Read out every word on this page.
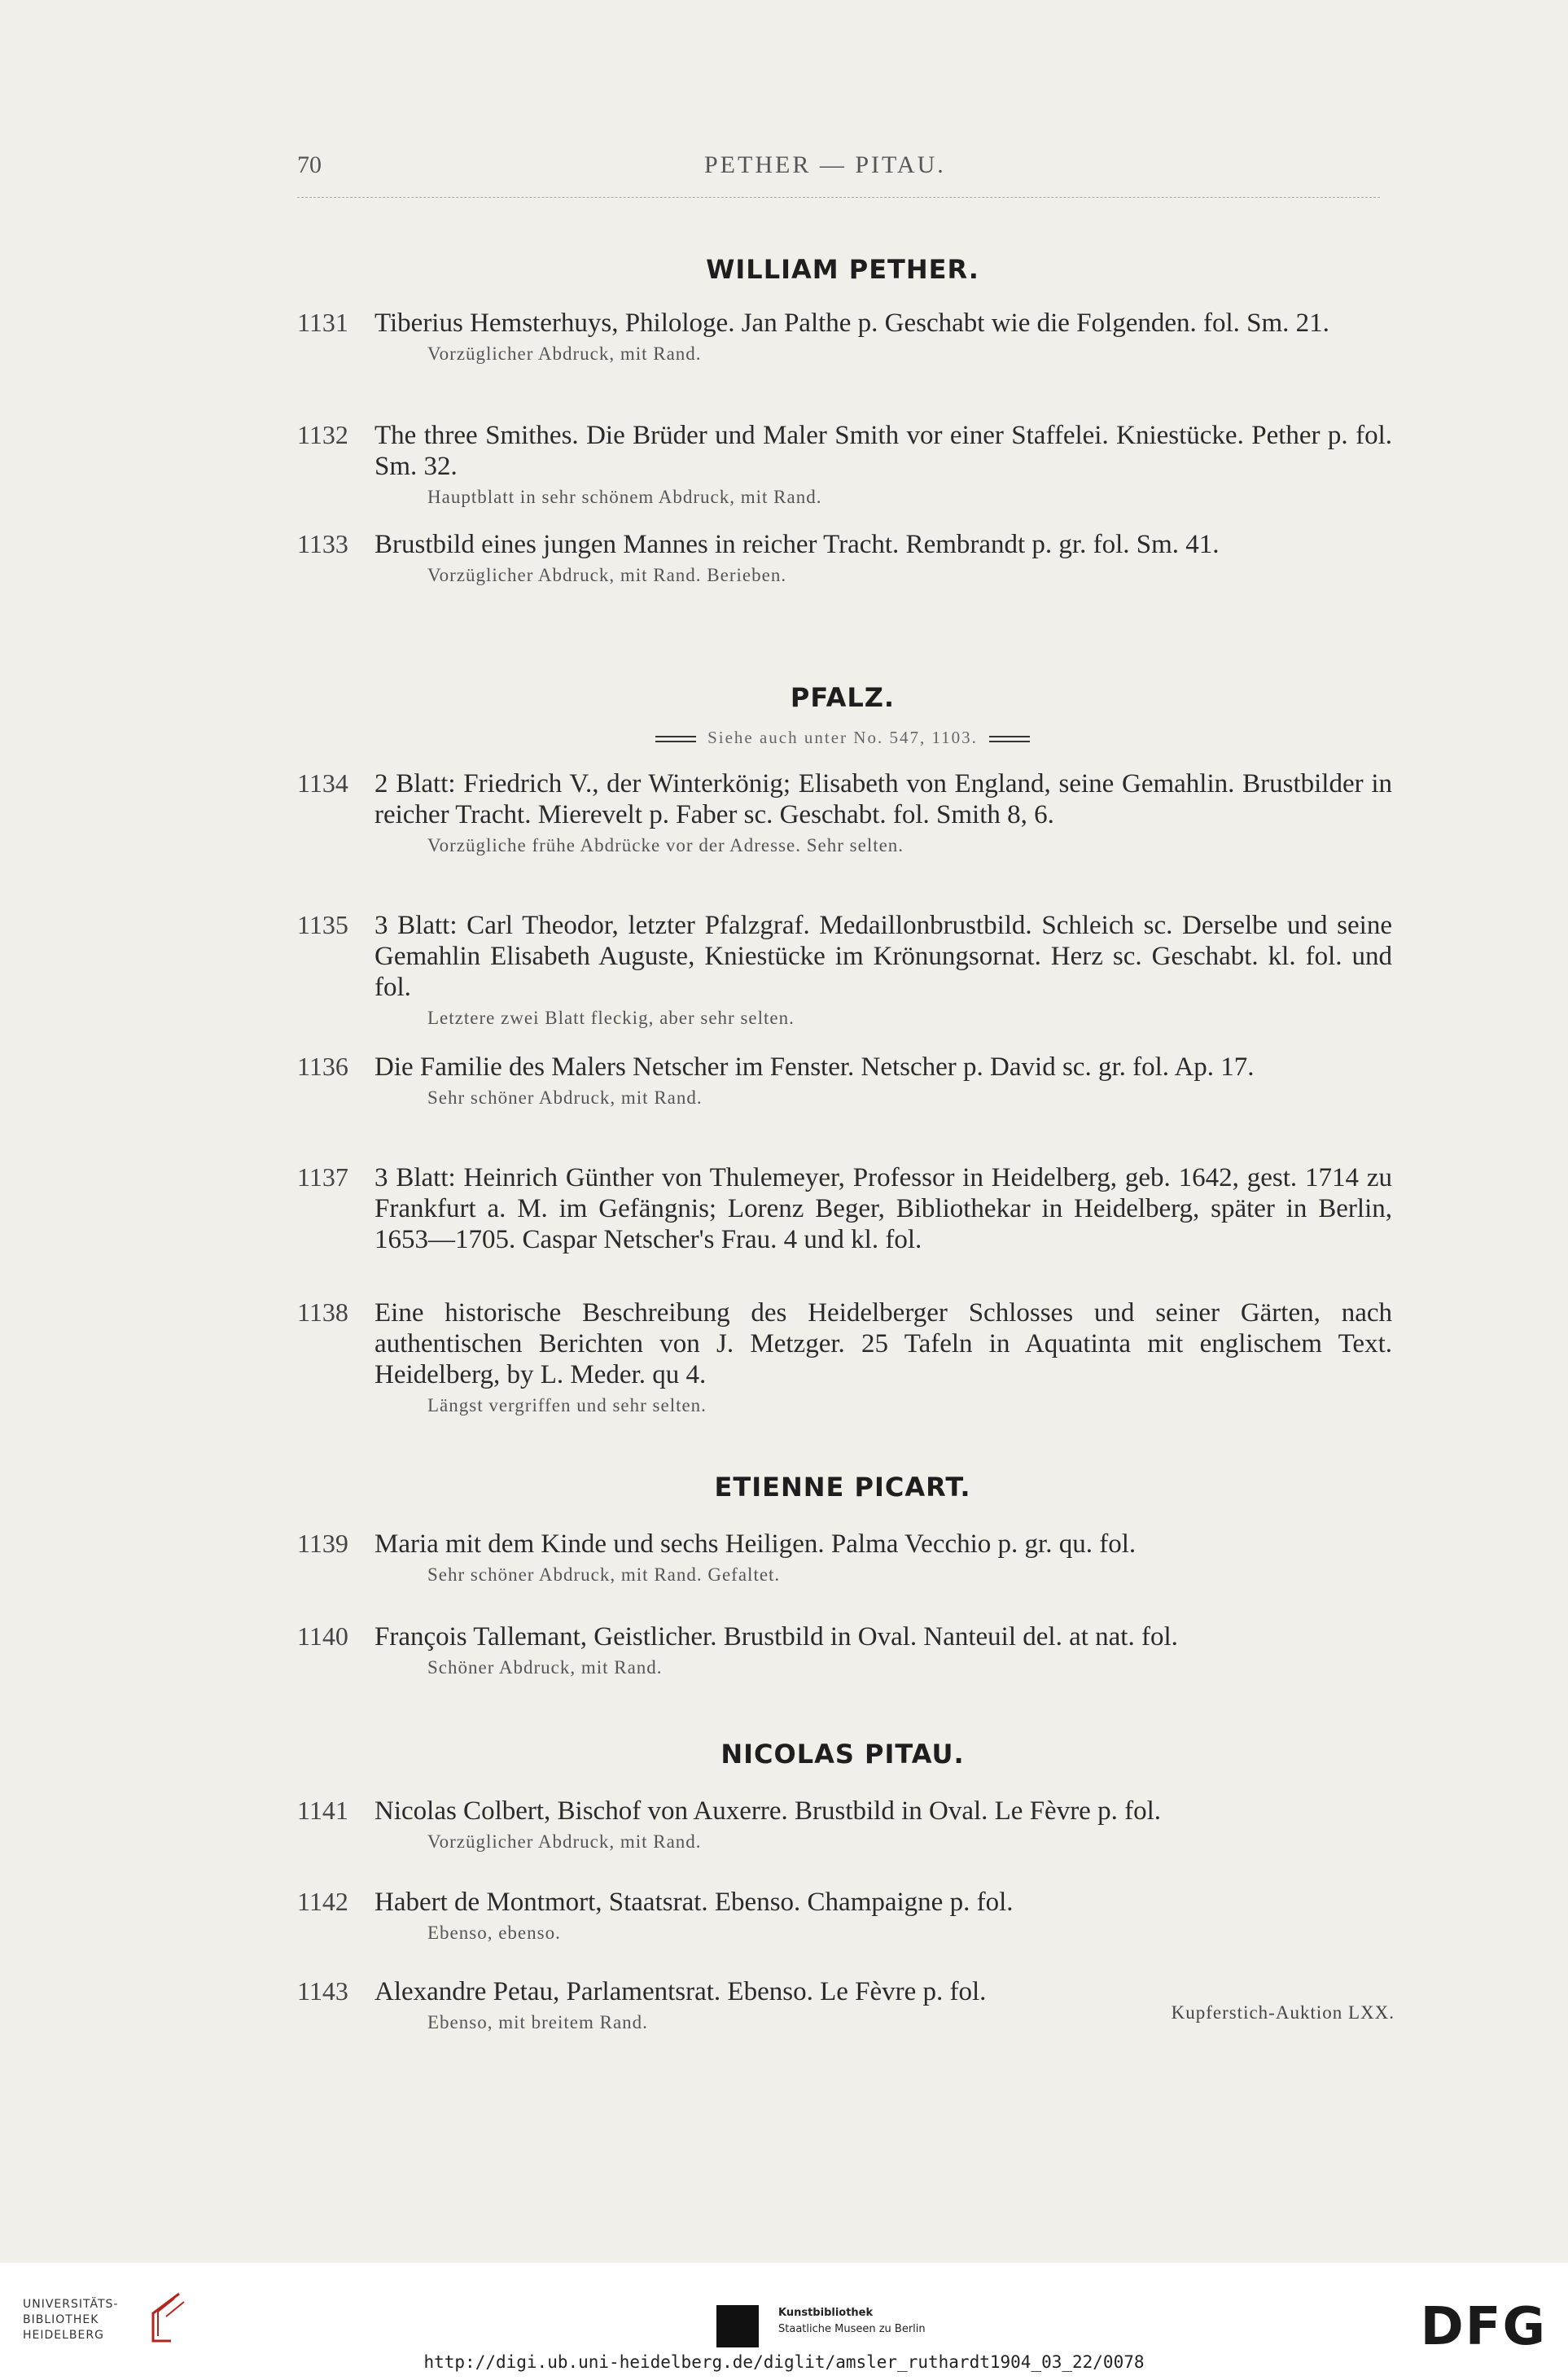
70	PETHER — PITAU.
WILLIAM PETHER.
1131 Tiberius Hemsterhuys, Philologe. Jan Palthe p. Geschabt wie die Folgenden. fol. Sm. 21.
Vorzüglicher Abdruck, mit Rand.
1132 The three Smithes. Die Brüder und Maler Smith vor einer Staffelei. Kniestücke. Pether p. fol. Sm. 32.
Hauptblatt in sehr schönem Abdruck, mit Rand.
1133 Brustbild eines jungen Mannes in reicher Tracht. Rembrandt p. gr. fol. Sm. 41.
Vorzüglicher Abdruck, mit Rand. Berieben.
PFALZ.
Siehe auch unter No. 547, 1103.
1134 2 Blatt: Friedrich V., der Winterkönig; Elisabeth von England, seine Gemahlin. Brustbilder in reicher Tracht. Mierevelt p. Faber sc. Geschabt. fol. Smith 8, 6.
Vorzügliche frühe Abdrücke vor der Adresse. Sehr selten.
1135 3 Blatt: Carl Theodor, letzter Pfalzgraf. Medaillonbrustbild. Schleich sc. Derselbe und seine Gemahlin Elisabeth Auguste, Kniestücke im Krönungsornat. Herz sc. Geschabt. kl. fol. und fol.
Letztere zwei Blatt fleckig, aber sehr selten.
1136 Die Familie des Malers Netscher im Fenster. Netscher p. David sc. gr. fol. Ap. 17.
Sehr schöner Abdruck, mit Rand.
1137 3 Blatt: Heinrich Günther von Thulemeyer, Professor in Heidelberg, geb. 1642, gest. 1714 zu Frankfurt a. M. im Gefängnis; Lorenz Beger, Bibliothekar in Heidelberg, später in Berlin, 1653—1705. Caspar Netscher's Frau. 4 und kl. fol.
1138 Eine historische Beschreibung des Heidelberger Schlosses und seiner Gärten, nach authentischen Berichten von J. Metzger. 25 Tafeln in Aquatinta mit englischem Text. Heidelberg, by L. Meder. qu 4.
Längst vergriffen und sehr selten.
ETIENNE PICART.
1139 Maria mit dem Kinde und sechs Heiligen. Palma Vecchio p. gr. qu. fol.
Sehr schöner Abdruck, mit Rand. Gefaltet.
1140 François Tallemant, Geistlicher. Brustbild in Oval. Nanteuil del. at nat. fol.
Schöner Abdruck, mit Rand.
NICOLAS PITAU.
1141 Nicolas Colbert, Bischof von Auxerre. Brustbild in Oval. Le Fèvre p. fol.
Vorzüglicher Abdruck, mit Rand.
1142 Habert de Montmort, Staatsrat. Ebenso. Champaigne p. fol.
Ebenso, ebenso.
1143 Alexandre Petau, Parlamentsrat. Ebenso. Le Fèvre p. fol.
Ebenso, mit breitem Rand.	Kupferstich-Auktion LXX.
UNIVERSITÄTS-
BIBLIOTHEK
HEIDELBERG
Kunstbibliothek
Staatliche Museen zu Berlin	DFG
http://digi.ub.uni-heidelberg.de/diglit/amsler_ruthardt1904_03_22/0078
